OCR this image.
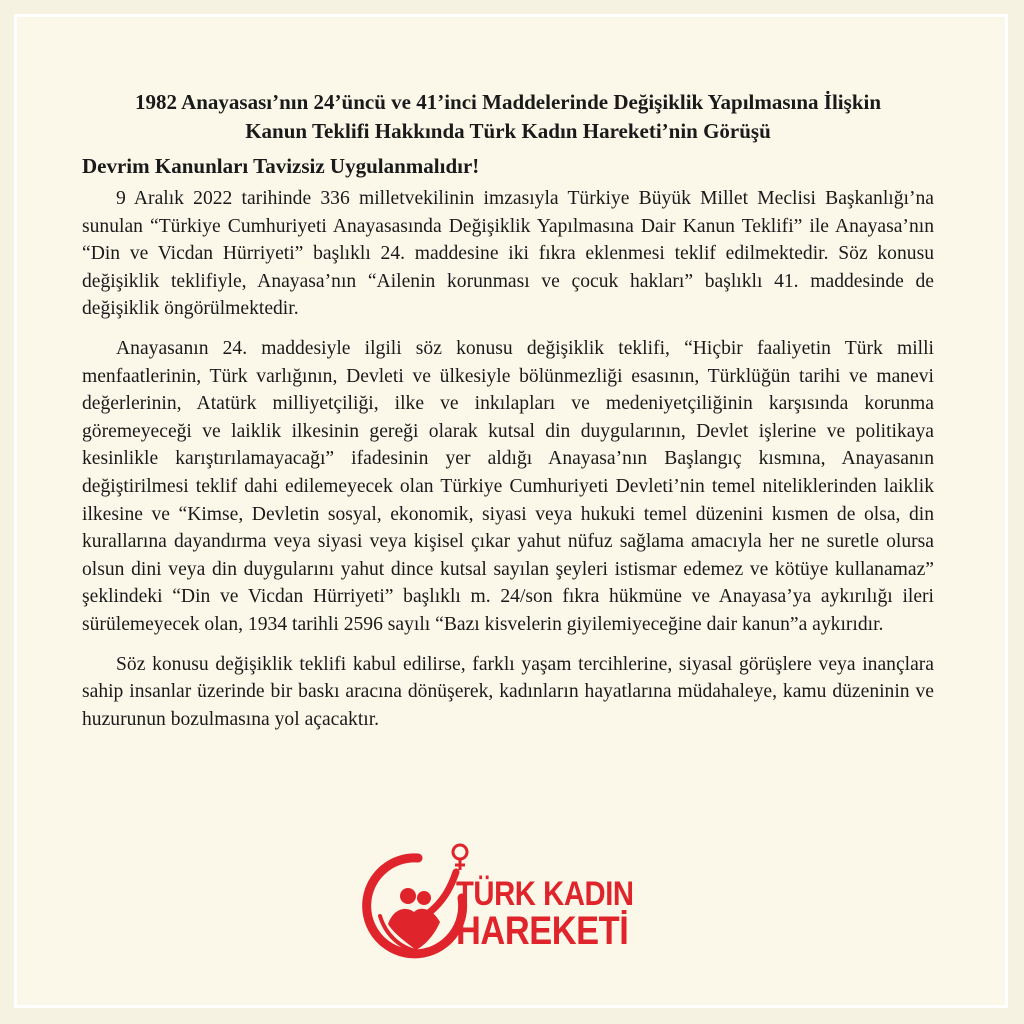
1982 Anayasası’nın 24’üncü ve 41’inci Maddelerinde Değişiklik Yapılmasına İlişkin
Kanun Teklifi Hakkında Türk Kadın Hareketi’nin Görüşü

Devrim Kanunları Tavizsiz Uygulanmalıdır!

9 Aralık 2022 tarihinde 336 milletvekilinin imzasıyla Türkiye Büyük Millet Meclisi Başkanlığı’na sunulan “Türkiye Cumhuriyeti Anayasasında Değişiklik Yapılmasına Dair Kanun Teklifi” ile Anayasa’nın “Din ve Vicdan Hürriyeti” başlıklı 24. maddesine iki fıkra eklenmesi teklif edilmektedir. Söz konusu değişiklik teklifiyle, Anayasa’nın “Ailenin korunması ve çocuk hakları” başlıklı 41. maddesinde de değişiklik öngörülmektedir.

Anayasanın 24. maddesiyle ilgili söz konusu değişiklik teklifi, “Hiçbir faaliyetin Türk milli menfaatlerinin, Türk varlığının, Devleti ve ülkesiyle bölünmezliği esasının, Türklüğün tarihi ve manevi değerlerinin, Atatürk milliyetçiliği, ilke ve inkılapları ve medeniyetçiliğinin karşısında korunma göremeyeceği ve laiklik ilkesinin gereği olarak kutsal din duygularının, Devlet işlerine ve politikaya kesinlikle karıştırılamayacağı” ifadesinin yer aldığı Anayasa’nın Başlangıç kısmına, Anayasanın değiştirilmesi teklif dahi edilemeyecek olan Türkiye Cumhuriyeti Devleti’nin temel niteliklerinden laiklik ilkesine ve “Kimse, Devletin sosyal, ekonomik, siyasi veya hukuki temel düzenini kısmen de olsa, din kurallarına dayandırma veya siyasi veya kişisel çıkar yahut nüfuz sağlama amacıyla her ne suretle olursa olsun dini veya din duygularını yahut dince kutsal sayılan şeyleri istismar edemez ve kötüye kullanamaz” şeklindeki “Din ve Vicdan Hürriyeti” başlıklı m. 24/son fıkra hükmüne ve Anayasa’ya aykırılığı ileri sürülemeyecek olan, 1934 tarihli 2596 sayılı “Bazı kisvelerin giyilemiyeceğine dair kanun”a aykırıdır.

Söz konusu değişiklik teklifi kabul edilirse, farklı yaşam tercihlerine, siyasal görüşlere veya inançlara sahip insanlar üzerinde bir baskı aracına dönüşerek, kadınların hayatlarına müdahaleye, kamu düzeninin ve huzurunun bozulmasına yol açacaktır.

TÜRK KADIN
HAREKETİ
